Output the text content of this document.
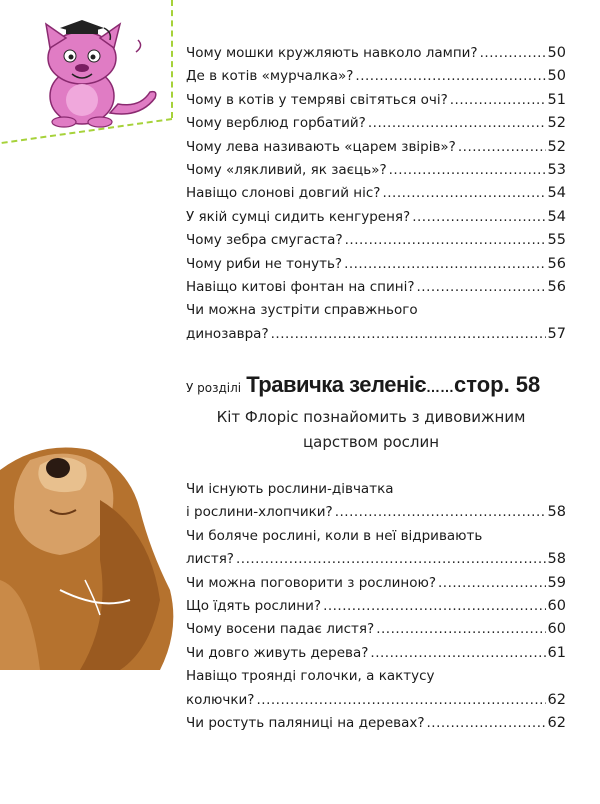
Чому мошки кружляють навколо лампи? .....	50
Де в котів «мурчалка»? .....	50
Чому в котів у темряві світяться очі? .....	51
Чому верблюд горбатий? .....	52
Чому лева називають «царем звірів»? .....	52
Чому «лякливий, як заєць»? .....	53
Навіщо слонові довгий ніс? .....	54
У якій сумці сидить кенгуреня? .....	54
Чому зебра смугаста? .....	55
Чому риби не тонуть? .....	56
Навіщо китові фонтан на спині? .....	56
Чи можна зустріти справжнього
динозавра? .....	57
У розділі Травичка зеленіє……стор. 58
Кіт Флоріс познайомить з дивовижним
царством рослин
Чи існують рослини-дівчатка
і рослини-хлопчики? .....	58
Чи боляче рослині, коли в неї відривають
листя? .....	58
Чи можна поговорити з рослиною? .....	59
Що їдять рослини? .....	60
Чому восени падає листя? .....	60
Чи довго живуть дерева? .....	61
Навіщо троянді голочки, а кактусу
колючки? .....	62
Чи ростуть паляниці на деревах? .....	62
